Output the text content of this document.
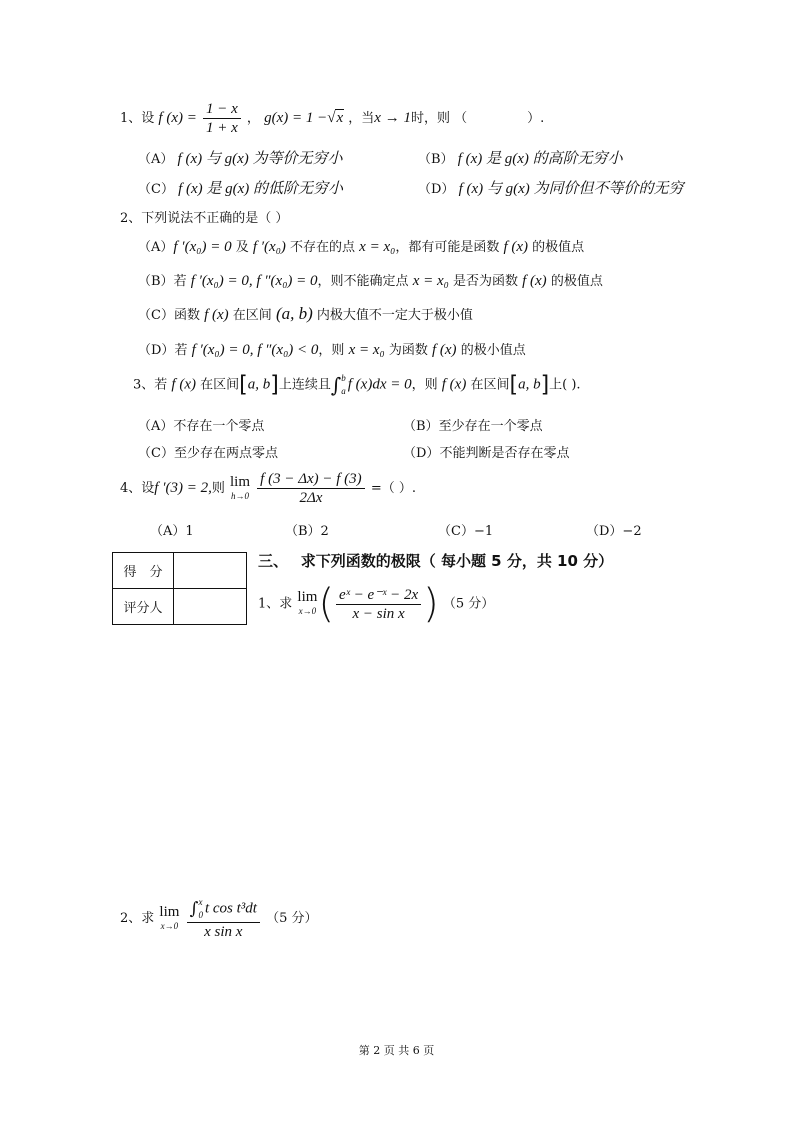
1、设 f $(x) = \frac{1 - x}{1 + x}$ ， g(x) = 1 −√x ，当x → 1时，则 （	）.
（A） f (x) 与 g(x) 为等价无穷小	（B） f (x) 是 g(x) 的高阶无穷小
（C） f (x) 是 g(x) 的低阶无穷小	（D） f (x) 与 g(x) 为同价但不等价的无穷
2、下列说法不正确的是（ ）
（A）f ′(x₀) = 0 及 f ′(x₀) 不存在的点 x = x₀，都有可能是函数 f (x) 的极值点
（B）若 f ′(x₀) = 0, f ″(x₀) = 0，则不能确定点 x = x₀ 是否为函数 f (x) 的极值点
（C）函数 f (x) 在区间 (a, b) 内极大值不一定大于极小值
（D）若 f ′(x₀) = 0, f ″(x₀) < 0，则 x = x₀ 为函数 f (x) 的极小值点
3、若 f (x) 在区间[a, b]上连续且∫ b
a f (x)dx = 0，则 f (x) 在区间[a, b]上( ).
（A）不存在一个零点	（B）至少存在一个零点
（C）至少存在两点零点	（D）不能判断是否存在零点
4、设f ′(3) = 2,则 lim
h→0
$\frac{f (3 - \Delta x) - f (3)}{2\Delta x}$ =（ ）.
（A）1	（B）2	（C）−1	（D）−2
得　分	
评分人	
三、　 求下列函数的极限（ 每小题 5 分，共 10 分）
1、求 lim
x→0 ( $\frac{\text{eˣ − e⁻ˣ − 2x}}{\text{x − sin x}}$ ) （5 分）
2、求 lim
x→0
∫ x
0 t cos t³dt
x sin x （5 分）
第 2 页 共 6 页
